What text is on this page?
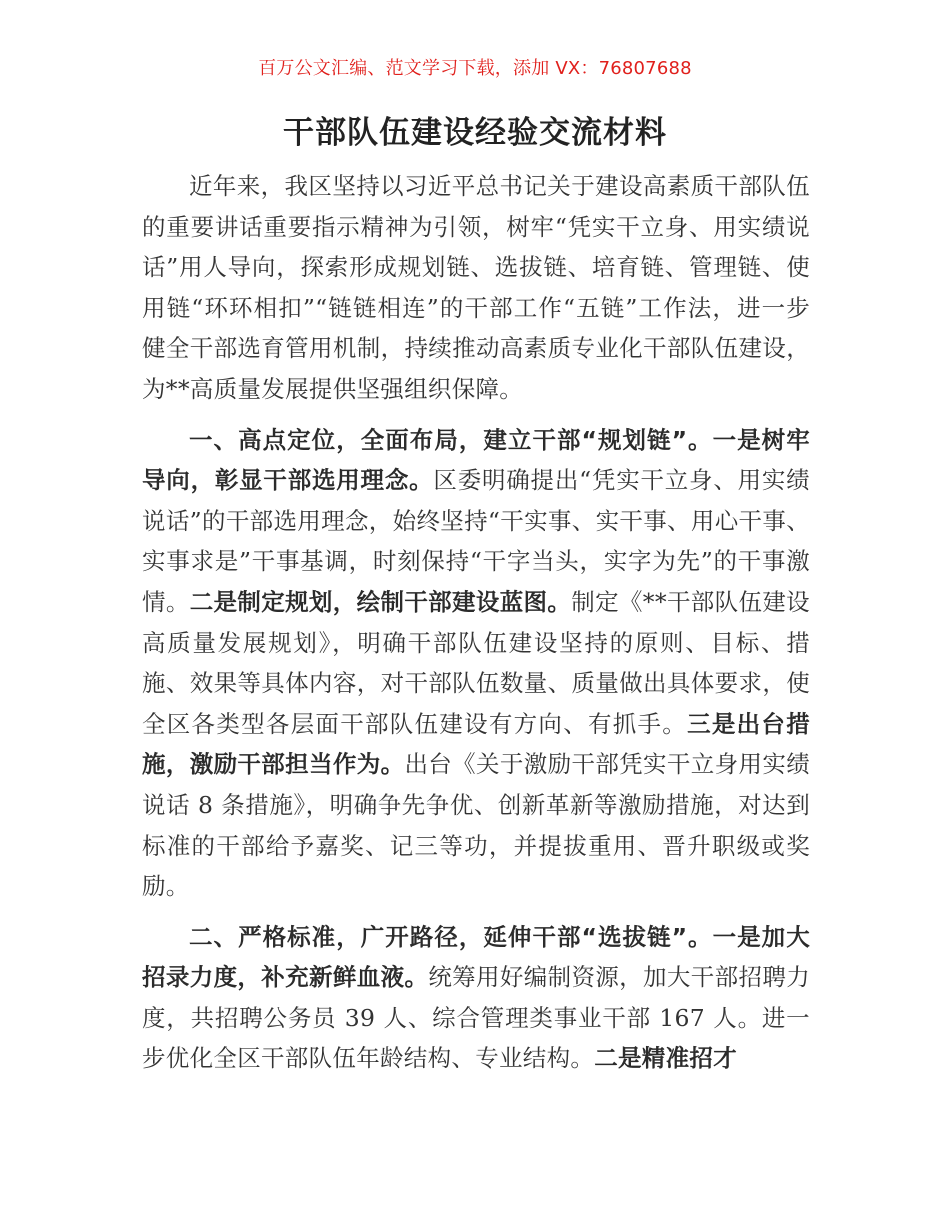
百万公文汇编、范文学习下载，添加 VX：76807688
干部队伍建设经验交流材料

近年来，我区坚持以习近平总书记关于建设高素质干部队伍的重要讲话重要指示精神为引领，树牢“凭实干立身、用实绩说话”用人导向，探索形成规划链、选拔链、培育链、管理链、使用链“环环相扣”“链链相连”的干部工作“五链”工作法，进一步健全干部选育管用机制，持续推动高素质专业化干部队伍建设，为**高质量发展提供坚强组织保障。

一、高点定位，全面布局，建立干部“规划链”。一是树牢导向，彰显干部选用理念。区委明确提出“凭实干立身、用实绩说话”的干部选用理念，始终坚持“干实事、实干事、用心干事、实事求是”干事基调，时刻保持“干字当头，实字为先”的干事激情。二是制定规划，绘制干部建设蓝图。制定《**干部队伍建设高质量发展规划》，明确干部队伍建设坚持的原则、目标、措施、效果等具体内容，对干部队伍数量、质量做出具体要求，使全区各类型各层面干部队伍建设有方向、有抓手。三是出台措施，激励干部担当作为。出台《关于激励干部凭实干立身用实绩说话 8 条措施》，明确争先争优、创新革新等激励措施，对达到标准的干部给予嘉奖、记三等功，并提拔重用、晋升职级或奖励。

二、严格标准，广开路径，延伸干部“选拔链”。一是加大招录力度，补充新鲜血液。统筹用好编制资源，加大干部招聘力度，共招聘公务员 39 人、综合管理类事业干部 167 人。进一步优化全区干部队伍年龄结构、专业结构。二是精准招才
